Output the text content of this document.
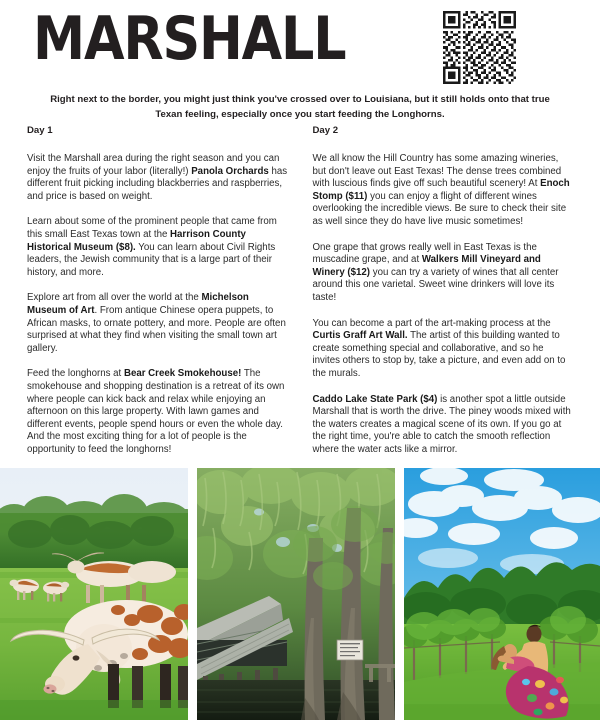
MARSHALL
Right next to the border, you might just think you've crossed over to Louisiana, but it still holds onto that true Texan feeling, especially once you start feeding the Longhorns.
Day 1
Visit the Marshall area during the right season and you can enjoy the fruits of your labor (literally!) Panola Orchards has different fruit picking including blackberries and raspberries, and price is based on weight.
Learn about some of the prominent people that came from this small East Texas town at the Harrison County Historical Museum ($8). You can learn about Civil Rights leaders, the Jewish community that is a large part of their history, and more.
Explore art from all over the world at the Michelson Museum of Art. From antique Chinese opera puppets, to African masks, to ornate pottery, and more. People are often surprised at what they find when visiting the small town art gallery.
Feed the longhorns at Bear Creek Smokehouse! The smokehouse and shopping destination is a retreat of its own where people can kick back and relax while enjoying an afternoon on this large property. With lawn games and different events, people spend hours or even the whole day. And the most exciting thing for a lot of people is the opportunity to feed the longhorns!
Day 2
We all know the Hill Country has some amazing wineries, but don't leave out East Texas! The dense trees combined with luscious finds give off such beautiful scenery! At Enoch Stomp ($11) you can enjoy a flight of different wines overlooking the incredible views. Be sure to check their site as well since they do have live music sometimes!
One grape that grows really well in East Texas is the muscadine grape, and at Walkers Mill Vineyard and Winery ($12) you can try a variety of wines that all center around this one varietal. Sweet wine drinkers will love its taste!
You can become a part of the art-making process at the Curtis Graff Art Wall. The artist of this building wanted to create something special and collaborative, and so he invites others to stop by, take a picture, and even add on to the murals.
Caddo Lake State Park ($4) is another spot a little outside Marshall that is worth the drive. The piney woods mixed with the waters creates a magical scene of its own. If you go at the right time, you're able to catch the smooth reflection where the water acts like a mirror.
